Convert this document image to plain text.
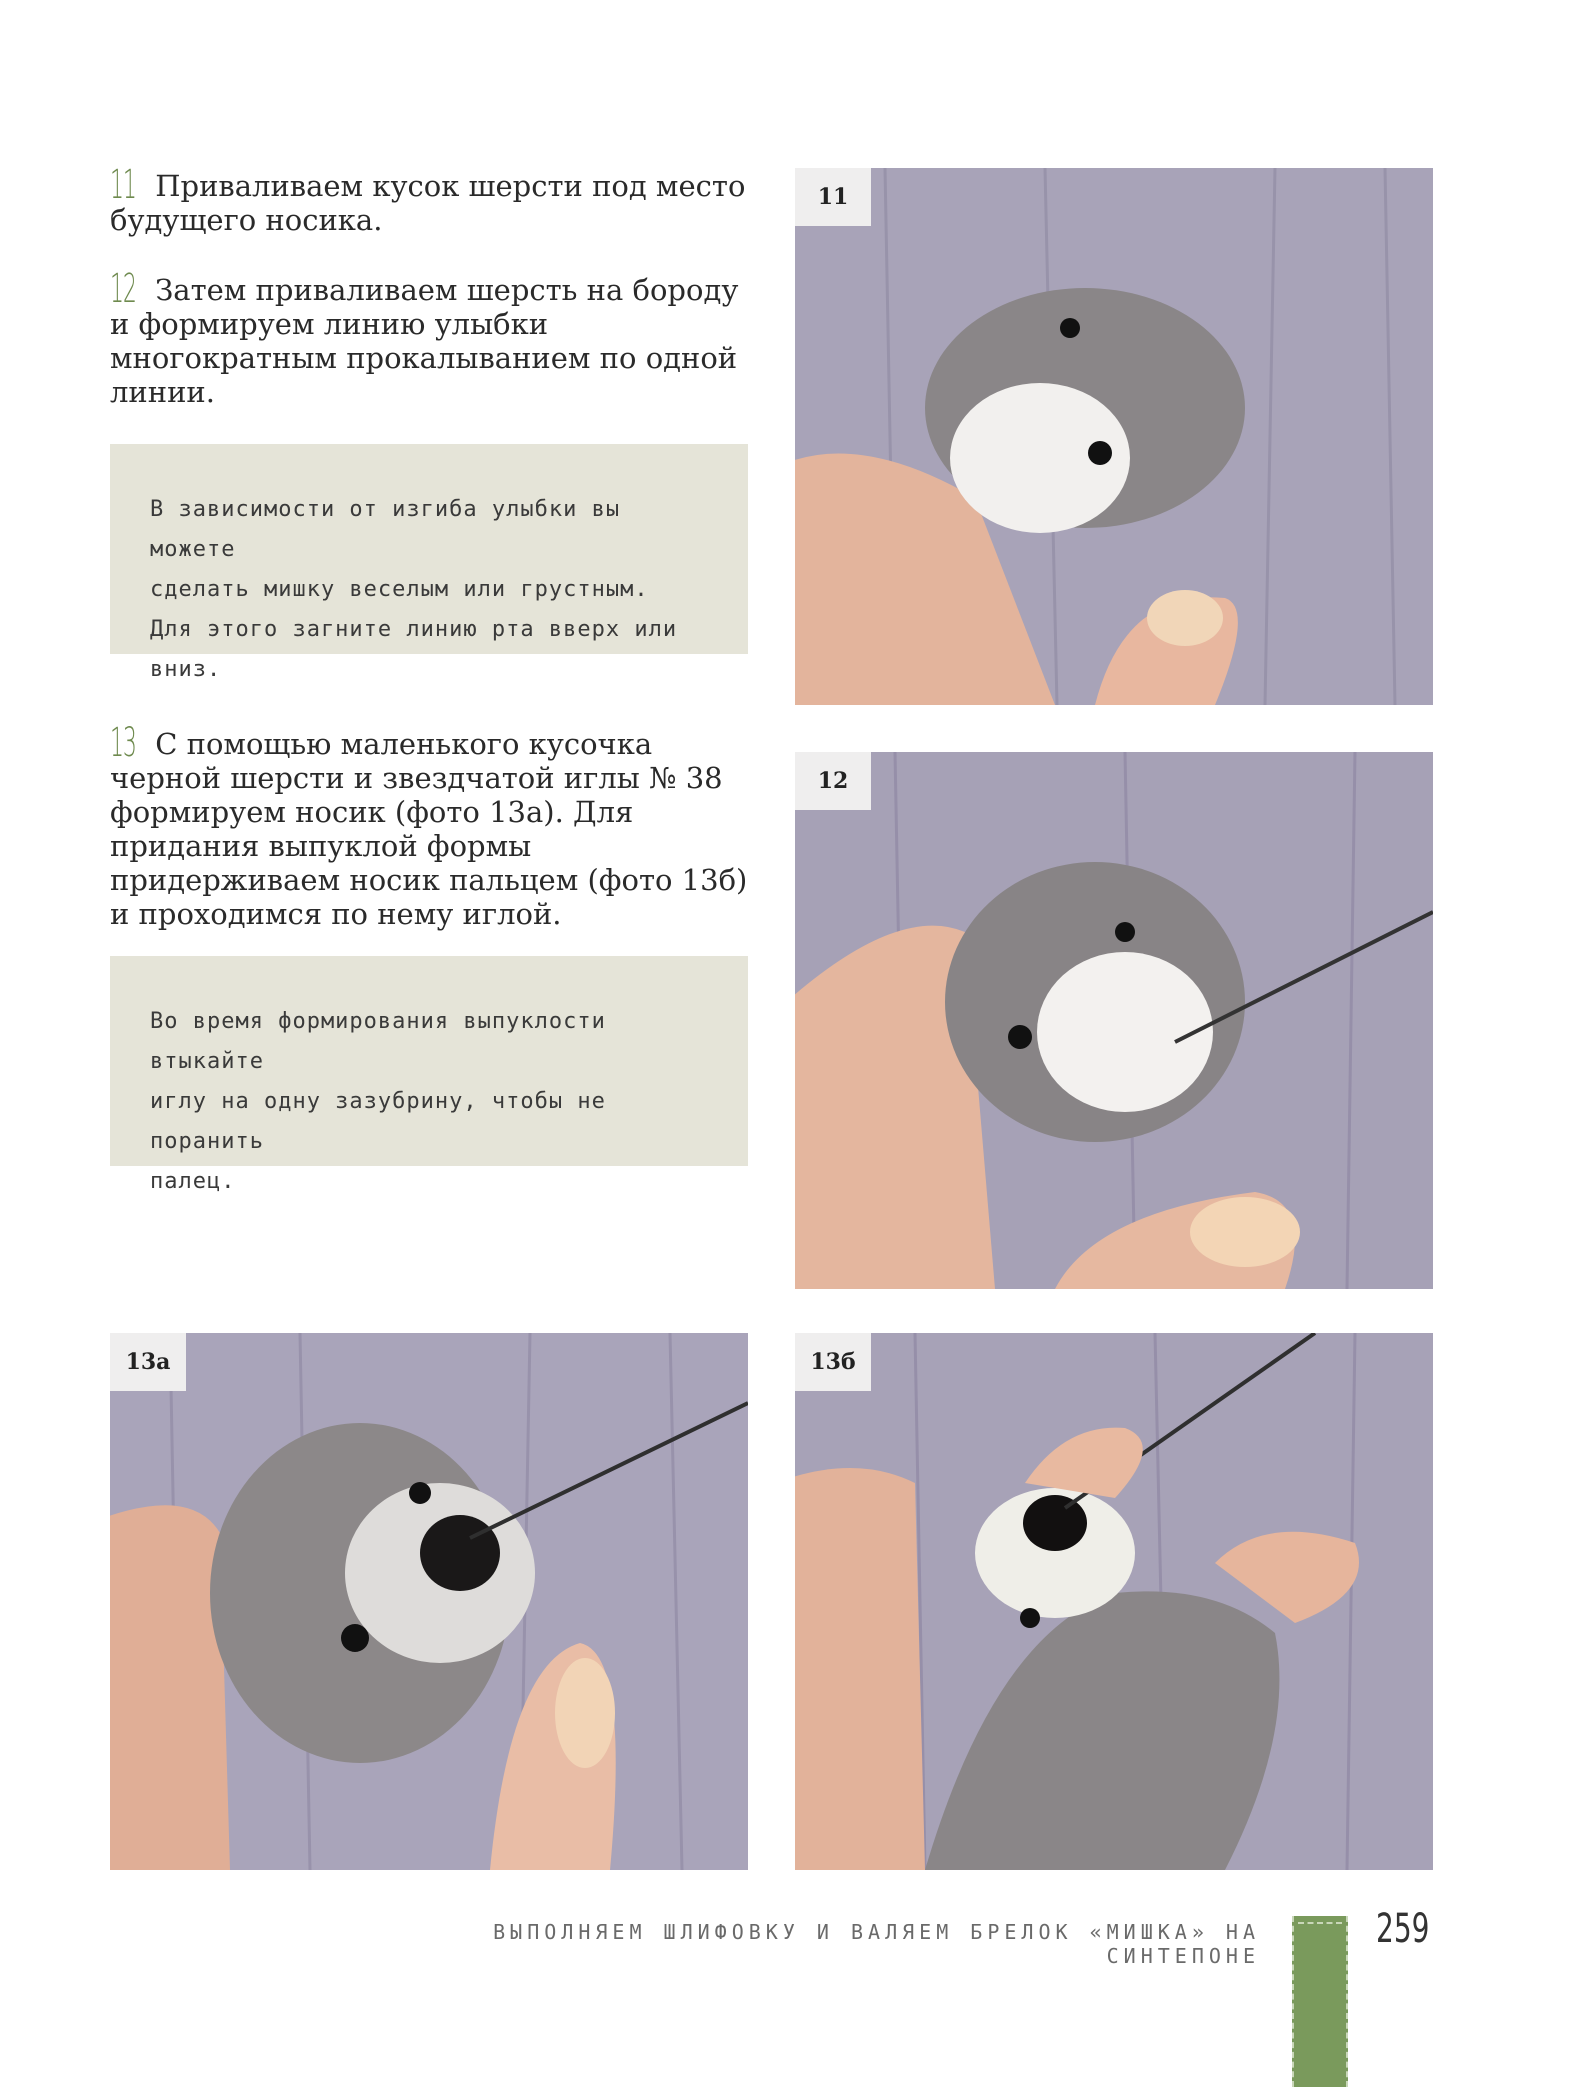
11 Приваливаем кусок шерсти под место будущего носика.
12 Затем приваливаем шерсть на бороду и формируем линию улыбки многократным прокалыванием по одной линии.
В зависимости от изгиба улыбки вы можете
сделать мишку веселым или грустным.
Для этого загните линию рта вверх или вниз.
13 С помощью маленького кусочка черной шерсти и звездчатой иглы № 38 формируем носик (фото 13а). Для придания выпуклой формы придерживаем носик пальцем (фото 13б) и проходимся по нему иглой.
Во время формирования выпуклости втыкайте
иглу на одну зазубрину, чтобы не поранить
палец.
11
12
13а	13б
ВЫПОЛНЯЕМ ШЛИФОВКУ И ВАЛЯЕМ БРЕЛОК «МИШКА» НА СИНТЕПОНЕ
259
